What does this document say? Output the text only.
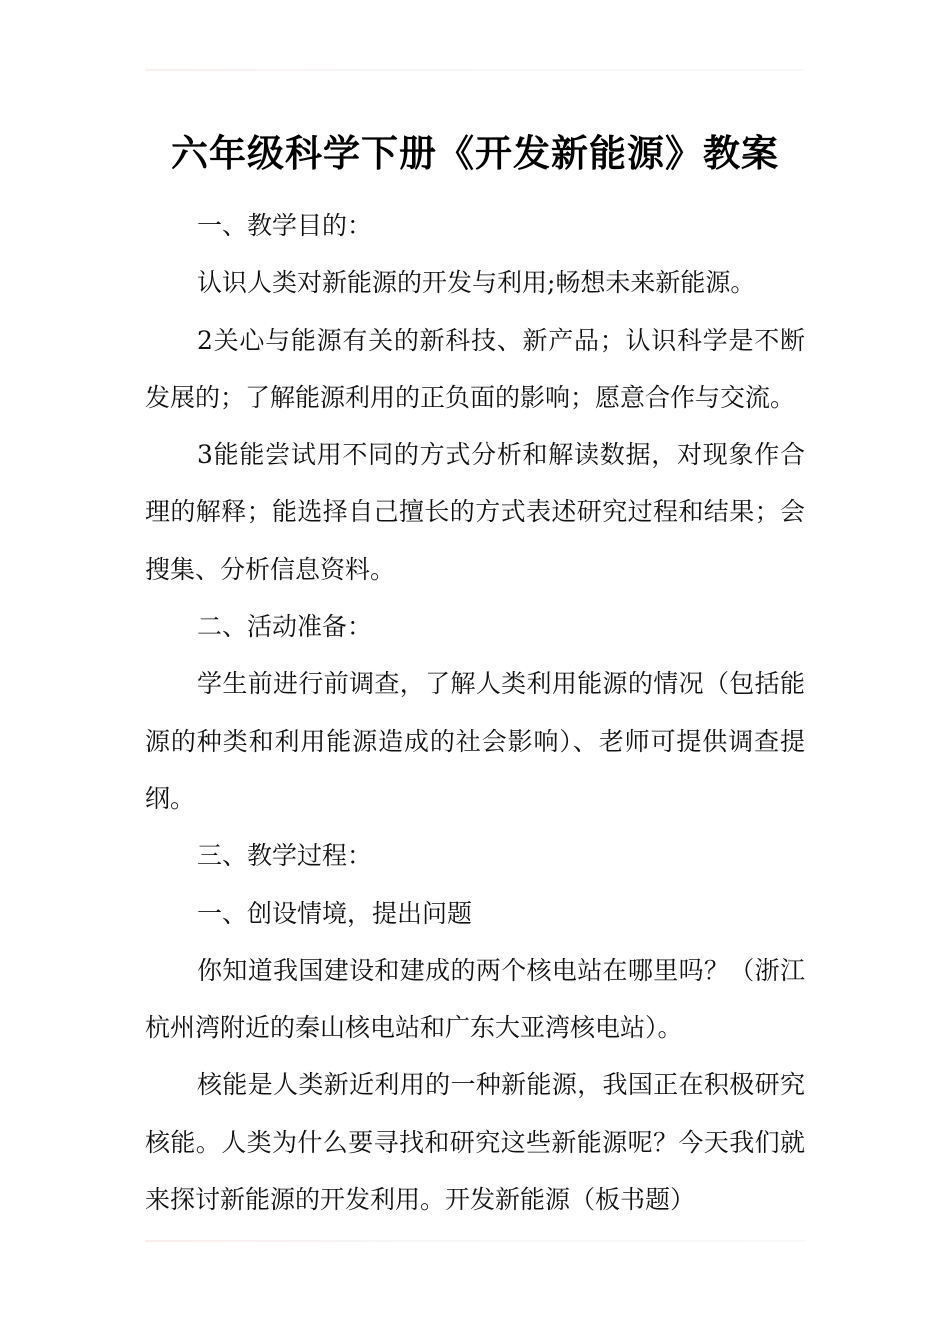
六年级科学下册《开发新能源》教案

一、教学目的：

认识人类对新能源的开发与利用;畅想未来新能源。

2关心与能源有关的新科技、新产品；认识科学是不断发展的；了解能源利用的正负面的影响；愿意合作与交流。

3能能尝试用不同的方式分析和解读数据，对现象作合理的解释；能选择自己擅长的方式表述研究过程和结果；会搜集、分析信息资料。

二、活动准备：

学生前进行前调查，了解人类利用能源的情况（包括能源的种类和利用能源造成的社会影响）、老师可提供调查提纲。

三、教学过程：

一、创设情境，提出问题

你知道我国建设和建成的两个核电站在哪里吗？（浙江杭州湾附近的秦山核电站和广东大亚湾核电站）。

核能是人类新近利用的一种新能源，我国正在积极研究核能。人类为什么要寻找和研究这些新能源呢？今天我们就来探讨新能源的开发利用。开发新能源（板书题）
